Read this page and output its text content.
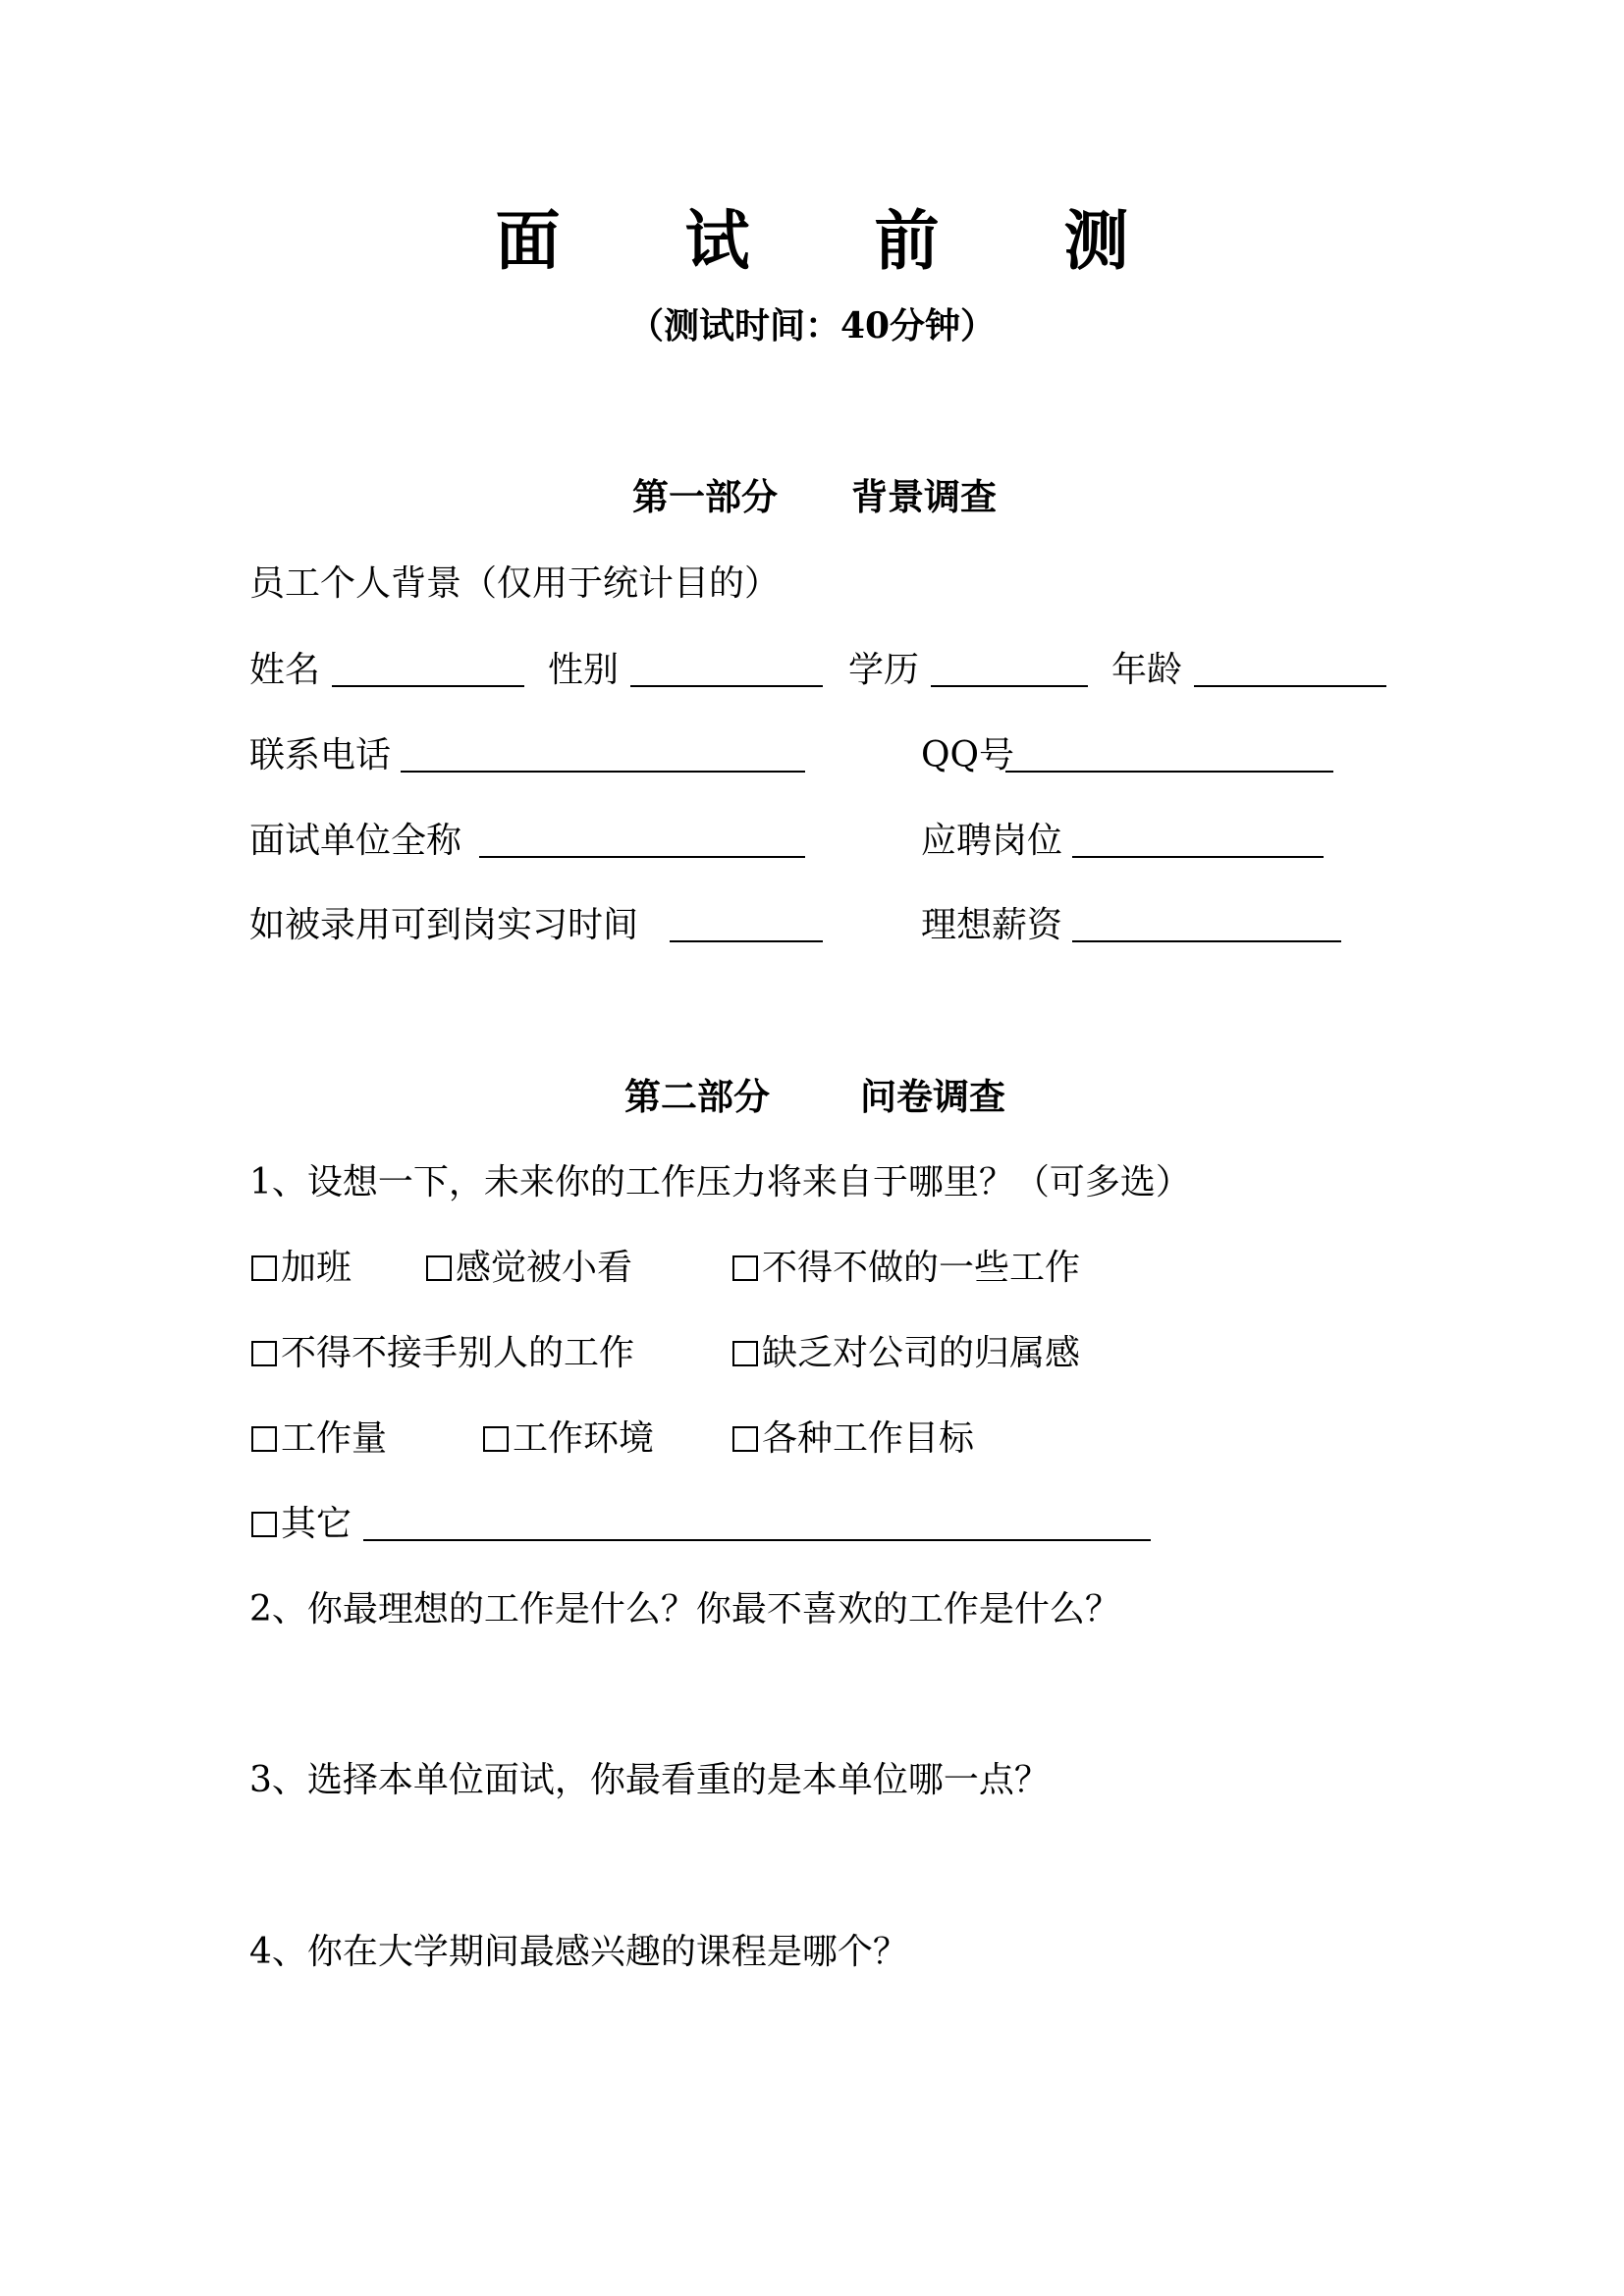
面 试 前 测
（测试时间：40分钟）
第一部分 背景调查
员工个人背景（仅用于统计目的）
姓名	性别	学历	年龄
联系电话	QQ号
面试单位全称	应聘岗位
如被录用可到岗实习时间	理想薪资
第二部分 问卷调查
1、设想一下，未来你的工作压力将来自于哪里？（可多选）
加班	感觉被小看	不得不做的一些工作
不得不接手别人的工作	缺乏对公司的归属感
工作量	工作环境	各种工作目标
其它
2、你最理想的工作是什么？你最不喜欢的工作是什么？
3、选择本单位面试，你最看重的是本单位哪一点？
4、你在大学期间最感兴趣的课程是哪个？
